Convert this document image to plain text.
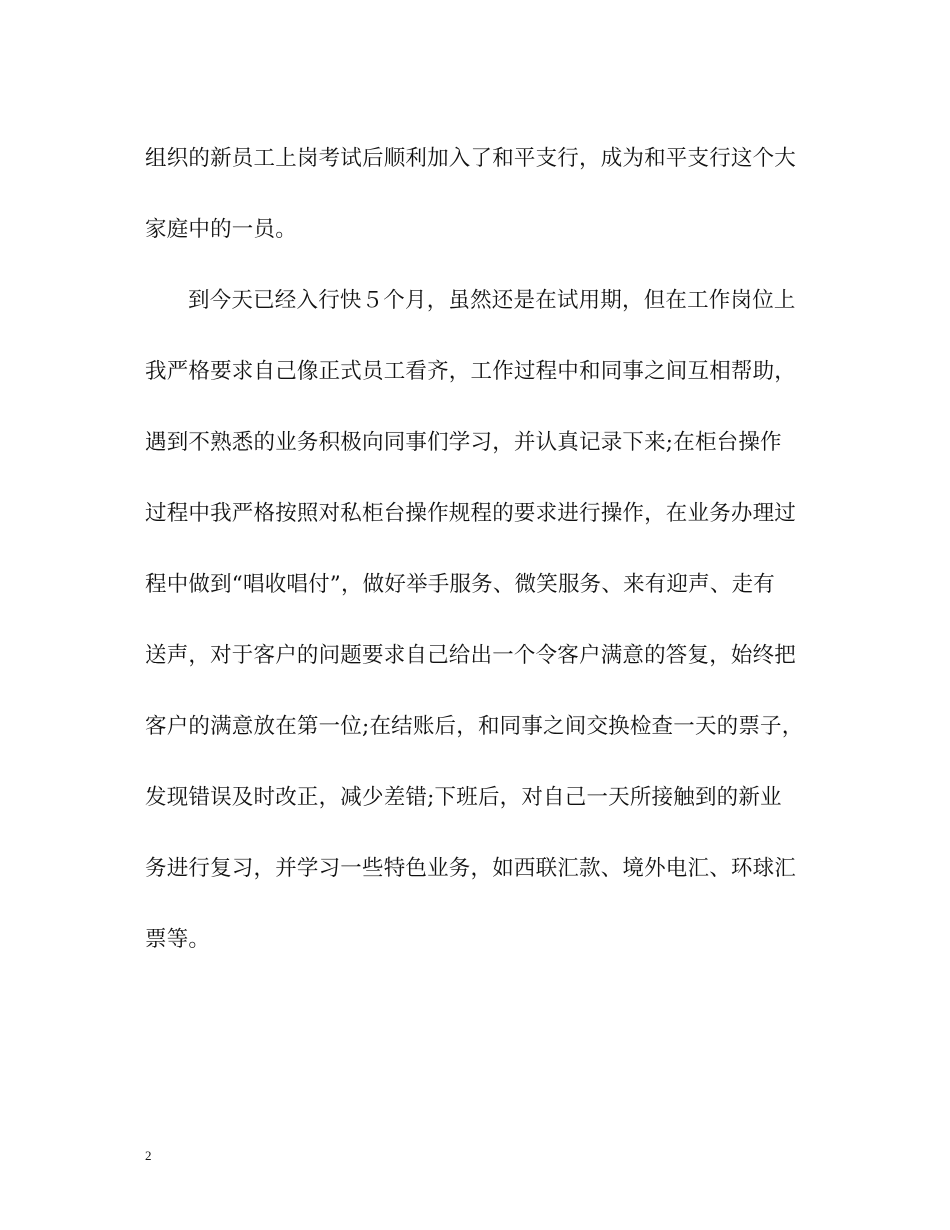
组织的新员工上岗考试后顺利加入了和平支行，成为和平支行这个大
家庭中的一员。
到今天已经入行快５个月，虽然还是在试用期，但在工作岗位上
我严格要求自己像正式员工看齐，工作过程中和同事之间互相帮助，
遇到不熟悉的业务积极向同事们学习，并认真记录下来;在柜台操作
过程中我严格按照对私柜台操作规程的要求进行操作，在业务办理过
程中做到“唱收唱付”，做好举手服务、微笑服务、来有迎声、走有
送声，对于客户的问题要求自己给出一个令客户满意的答复，始终把
客户的满意放在第一位;在结账后，和同事之间交换检查一天的票子，
发现错误及时改正，减少差错;下班后，对自己一天所接触到的新业
务进行复习，并学习一些特色业务，如西联汇款、境外电汇、环球汇
票等。
2
